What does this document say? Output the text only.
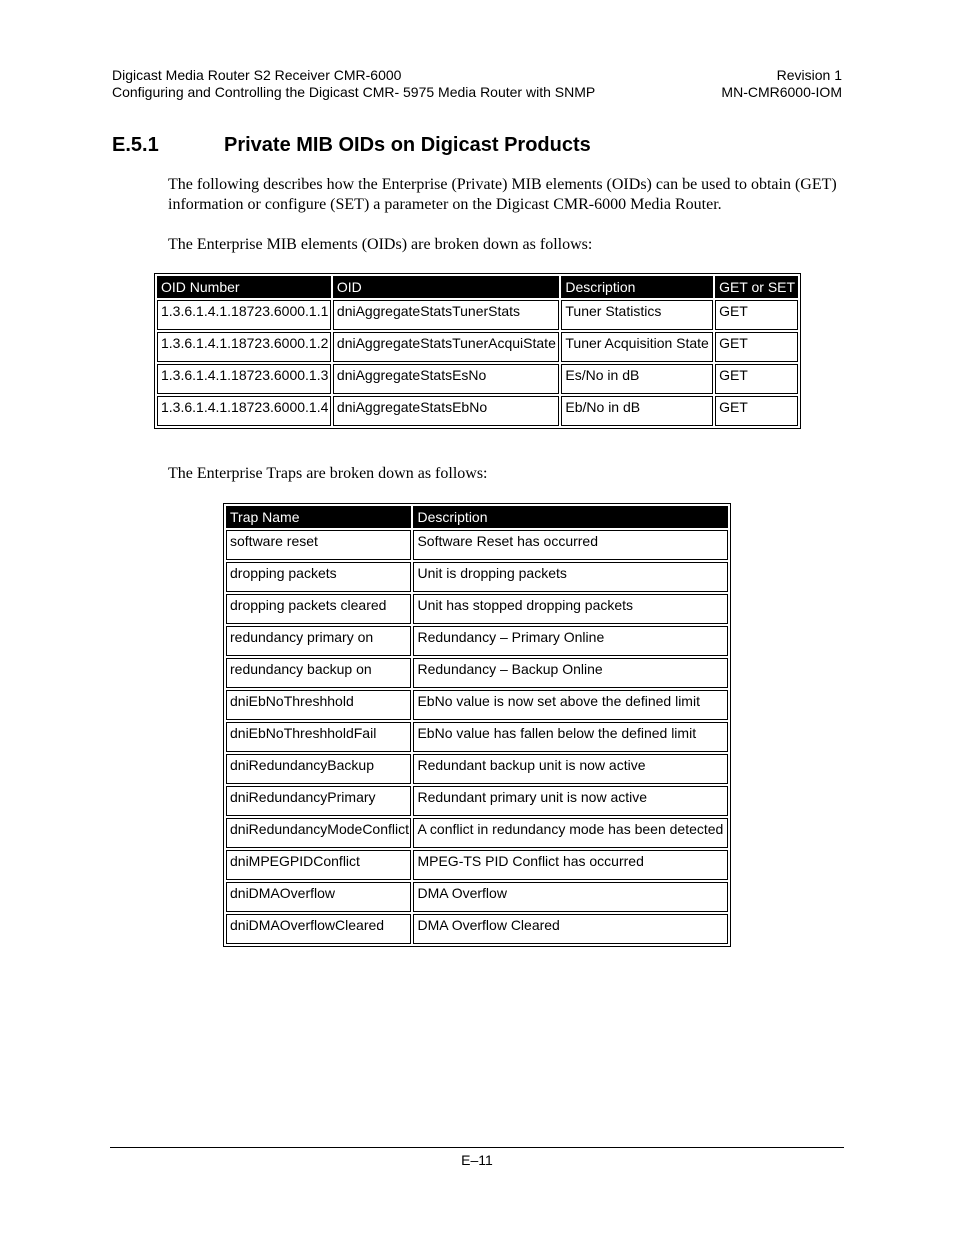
Digicast Media Router S2 Receiver CMR-6000
Configuring and Controlling the Digicast CMR‑ 5975 Media Router with SNMP
Revision 1
MN-CMR6000-IOM
E.5.1	Private MIB OIDs on Digicast Products

The following describes how the Enterprise (Private) MIB elements (OIDs) can be used to obtain (GET) information or configure (SET) a parameter on the Digicast CMR-6000 Media Router.

The Enterprise MIB elements (OIDs) are broken down as follows:

OID Number	OID	Description	GET or SET
1.3.6.1.4.1.18723.6000.1.1	dniAggregateStatsTunerStats	Tuner Statistics	GET
1.3.6.1.4.1.18723.6000.1.2	dniAggregateStatsTunerAcquiState	Tuner Acquisition State	GET
1.3.6.1.4.1.18723.6000.1.3	dniAggregateStatsEsNo	Es/No in dB	GET
1.3.6.1.4.1.18723.6000.1.4	dniAggregateStatsEbNo	Eb/No in dB	GET

The Enterprise Traps are broken down as follows:

Trap Name	Description
software reset	Software Reset has occurred
dropping packets	Unit is dropping packets
dropping packets cleared	Unit has stopped dropping packets
redundancy primary on	Redundancy – Primary Online
redundancy backup on	Redundancy – Backup Online
dniEbNoThreshhold	EbNo value is now set above the defined limit
dniEbNoThreshholdFail	EbNo value has fallen below the defined limit
dniRedundancyBackup	Redundant backup unit is now active
dniRedundancyPrimary	Redundant primary unit is now active
dniRedundancyModeConflict	A conflict in redundancy mode has been detected
dniMPEGPIDConflict	MPEG-TS PID Conflict has occurred
dniDMAOverflow	DMA Overflow
dniDMAOverflowCleared	DMA Overflow Cleared
E–11
